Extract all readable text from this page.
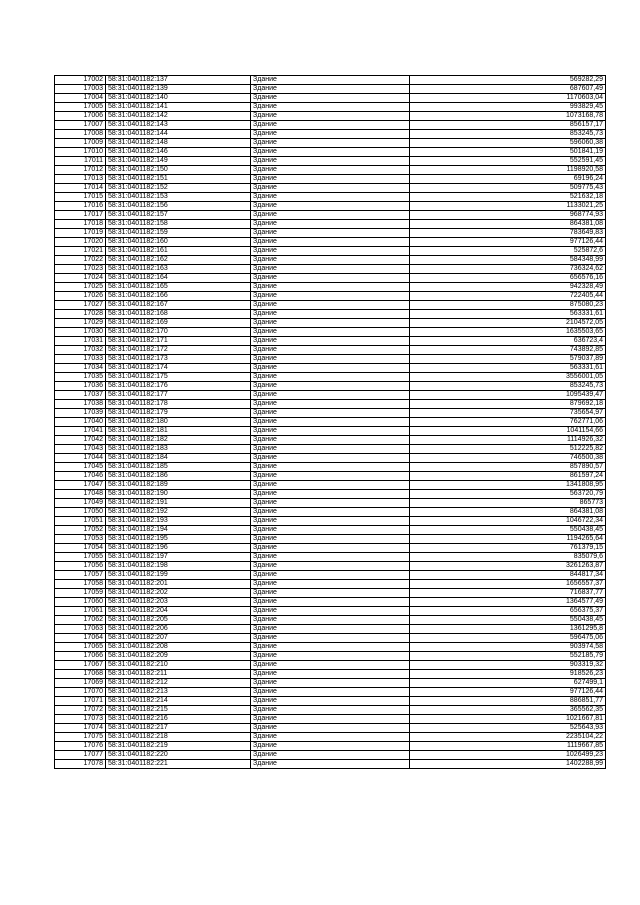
17002	58:31:0401182:137	Здание	569282,29
17003	58:31:0401182:139	Здание	687607,49
17004	58:31:0401182:140	Здание	1170603,04
17005	58:31:0401182:141	Здание	993829,45
17006	58:31:0401182:142	Здание	1073168,78
17007	58:31:0401182:143	Здание	856157,17
17008	58:31:0401182:144	Здание	853245,73
17009	58:31:0401182:148	Здание	596060,38
17010	58:31:0401182:146	Здание	501841,19
17011	58:31:0401182:149	Здание	552591,45
17012	58:31:0401182:150	Здание	1198920,58
17013	58:31:0401182:151	Здание	69196,24
17014	58:31:0401182:152	Здание	509775,43
17015	58:31:0401182:153	Здание	521632,18
17016	58:31:0401182:156	Здание	1133021,25
17017	58:31:0401182:157	Здание	968774,93
17018	58:31:0401182:158	Здание	864381,08
17019	58:31:0401182:159	Здание	783649,83
17020	58:31:0401182:160	Здание	977126,44
17021	58:31:0401182:161	Здание	525872,6
17022	58:31:0401182:162	Здание	584348,99
17023	58:31:0401182:163	Здание	736324,62
17024	58:31:0401182:164	Здание	656576,16
17025	58:31:0401182:165	Здание	942328,49
17026	58:31:0401182:166	Здание	722405,44
17027	58:31:0401182:167	Здание	875080,23
17028	58:31:0401182:168	Здание	563331,61
17029	58:31:0401182:169	Здание	2104572,05
17030	58:31:0401182:170	Здание	1635503,65
17031	58:31:0401182:171	Здание	636723,4
17032	58:31:0401182:172	Здание	743892,85
17033	58:31:0401182:173	Здание	579037,89
17034	58:31:0401182:174	Здание	563331,61
17035	58:31:0401182:175	Здание	3556001,05
17036	58:31:0401182:176	Здание	853245,73
17037	58:31:0401182:177	Здание	1095439,47
17038	58:31:0401182:178	Здание	879692,18
17039	58:31:0401182:179	Здание	735654,97
17040	58:31:0401182:180	Здание	762771,06
17041	58:31:0401182:181	Здание	1041154,66
17042	58:31:0401182:182	Здание	1114926,32
17043	58:31:0401182:183	Здание	512225,82
17044	58:31:0401182:184	Здание	746500,38
17045	58:31:0401182:185	Здание	857890,57
17046	58:31:0401182:186	Здание	861597,24
17047	58:31:0401182:189	Здание	1341808,95
17048	58:31:0401182:190	Здание	563720,79
17049	58:31:0401182:191	Здание	865773
17050	58:31:0401182:192	Здание	864381,08
17051	58:31:0401182:193	Здание	1046722,34
17052	58:31:0401182:194	Здание	550438,45
17053	58:31:0401182:195	Здание	1194265,64
17054	58:31:0401182:196	Здание	761379,15
17055	58:31:0401182:197	Здание	835079,6
17056	58:31:0401182:198	Здание	3261263,87
17057	58:31:0401182:199	Здание	844817,34
17058	58:31:0401182:201	Здание	1656557,37
17059	58:31:0401182:202	Здание	716837,77
17060	58:31:0401182:203	Здание	1364577,49
17061	58:31:0401182:204	Здание	656375,37
17062	58:31:0401182:205	Здание	550438,45
17063	58:31:0401182:206	Здание	1361295,8
17064	58:31:0401182:207	Здание	596475,06
17065	58:31:0401182:208	Здание	903974,58
17066	58:31:0401182:209	Здание	552185,79
17067	58:31:0401182:210	Здание	903319,32
17068	58:31:0401182:211	Здание	918526,23
17069	58:31:0401182:212	Здание	627499,1
17070	58:31:0401182:213	Здание	977126,44
17071	58:31:0401182:214	Здание	886851,77
17072	58:31:0401182:215	Здание	365562,35
17073	58:31:0401182:216	Здание	1021667,81
17074	58:31:0401182:217	Здание	525643,93
17075	58:31:0401182:218	Здание	2235104,22
17076	58:31:0401182:219	Здание	1119667,85
17077	58:31:0401182:220	Здание	1026499,23
17078	58:31:0401182:221	Здание	1402288,99
